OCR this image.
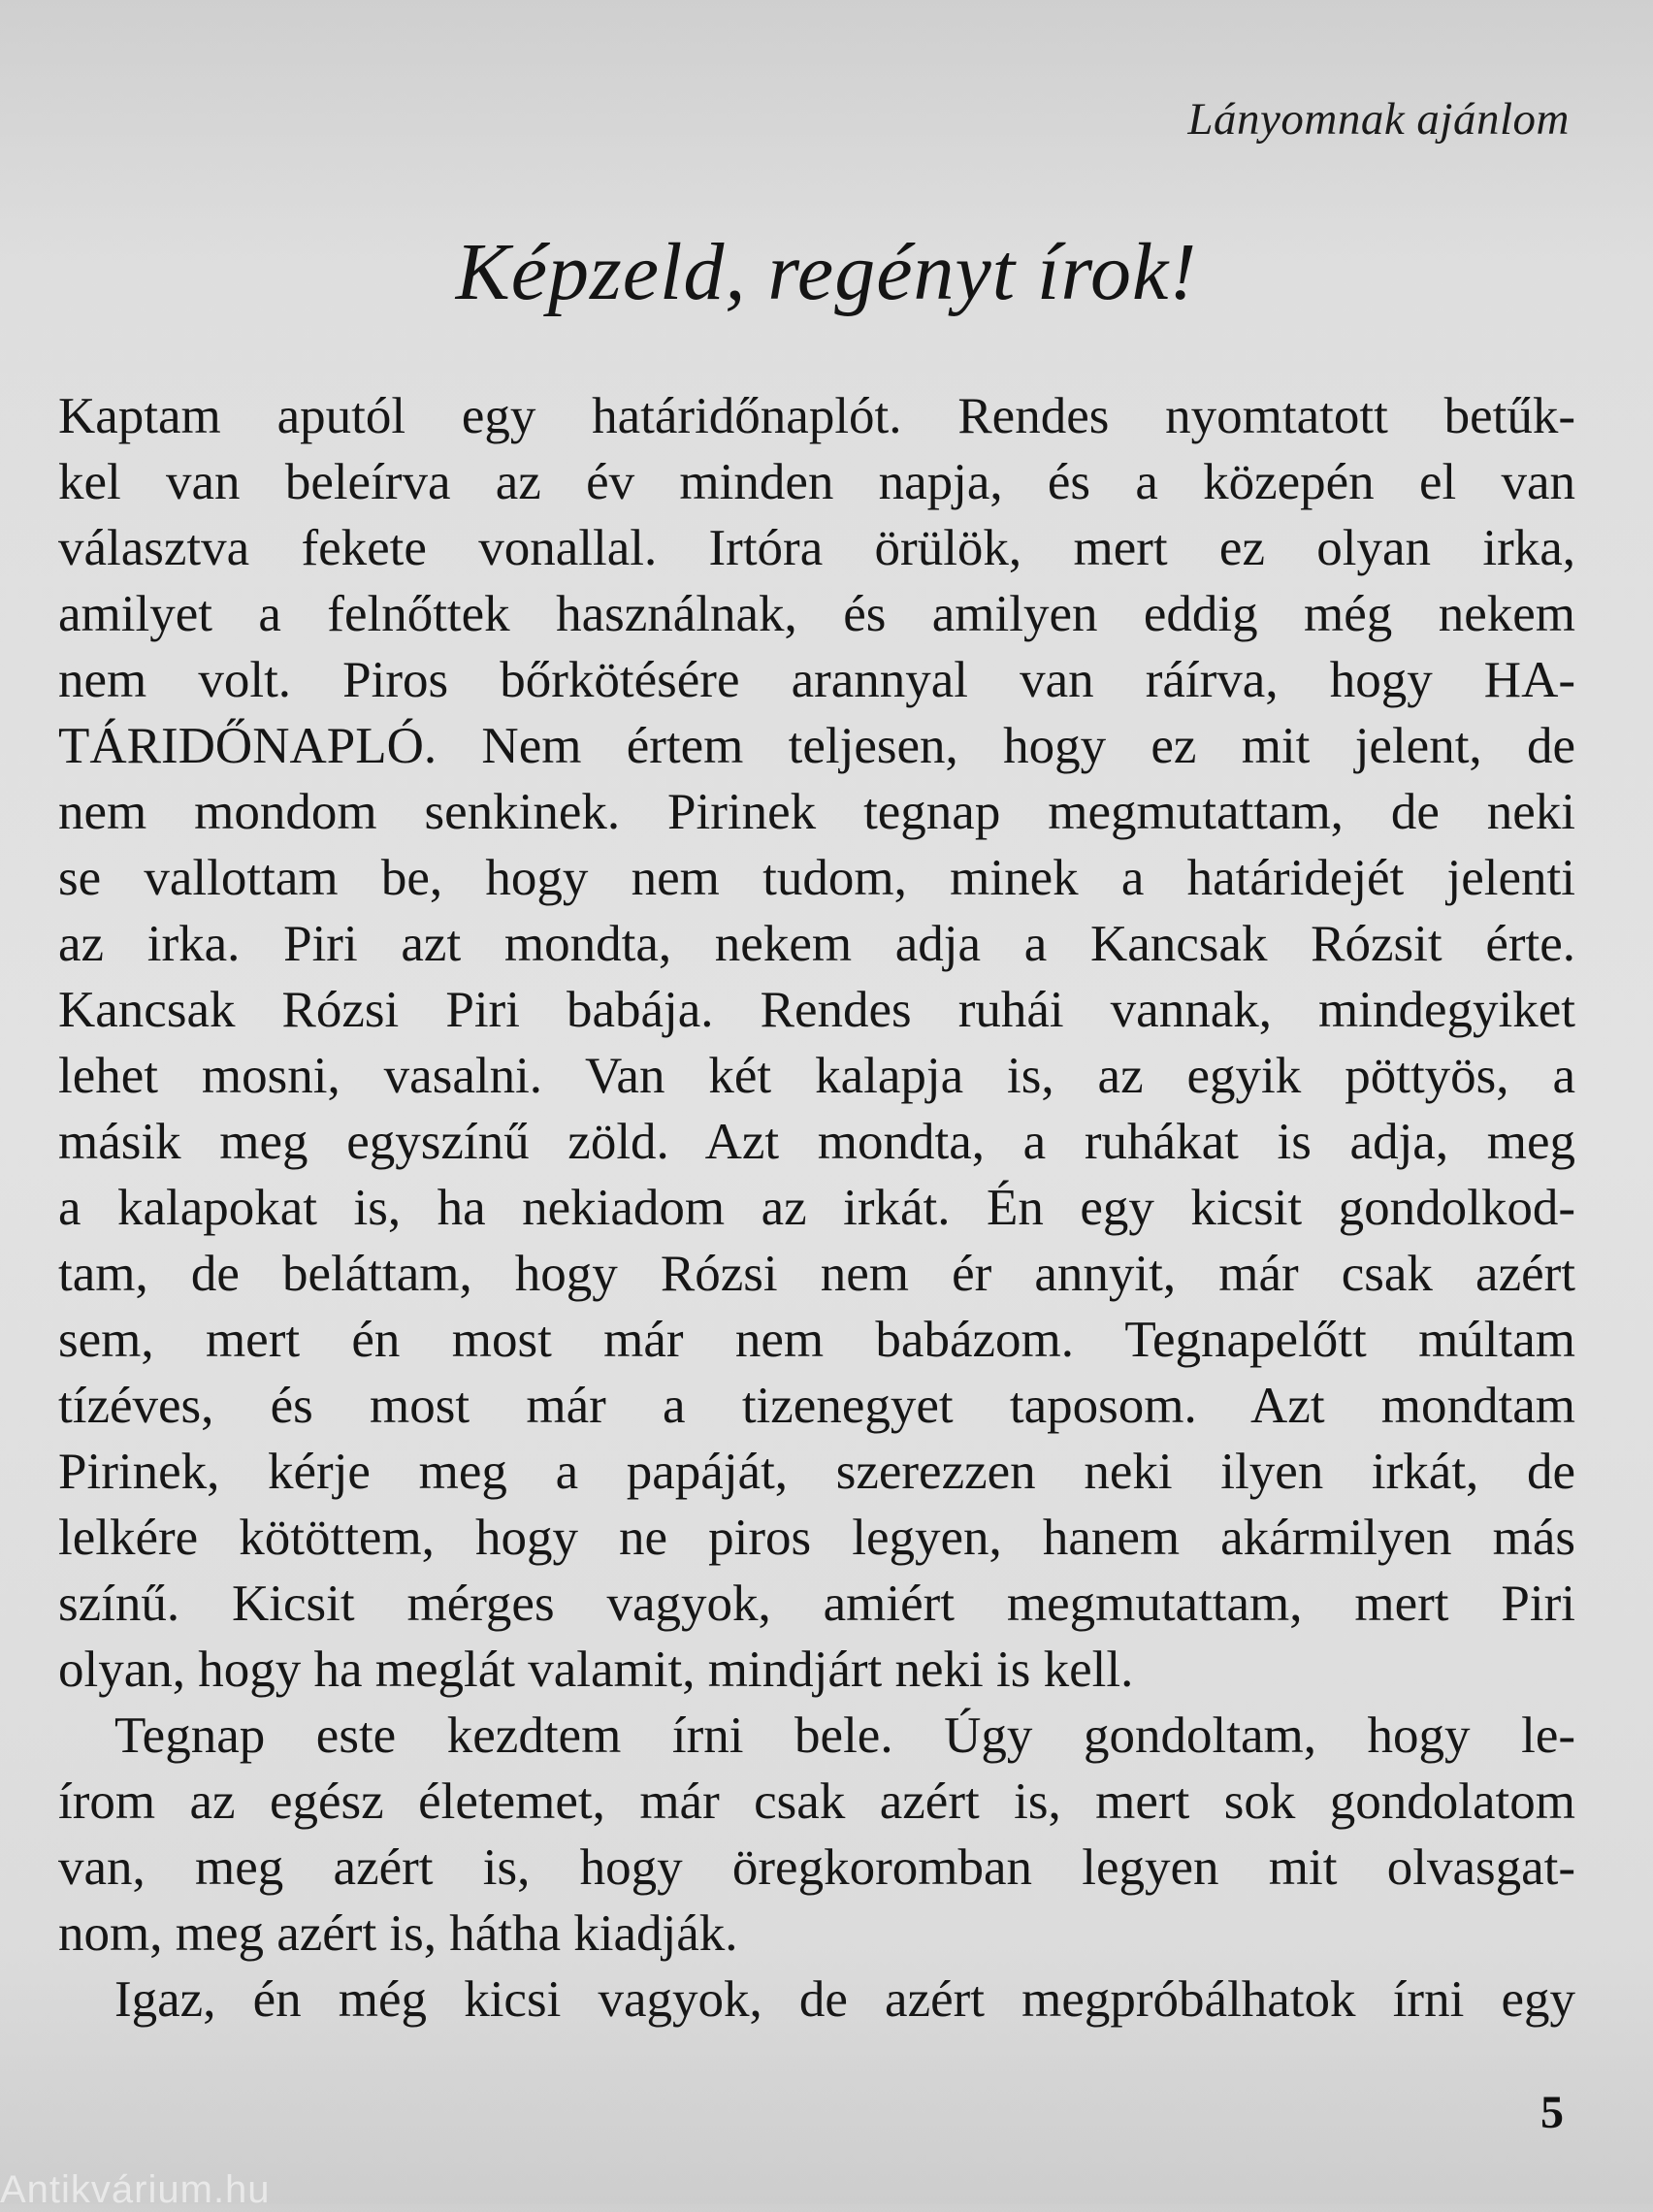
Lányomnak ajánlom
Képzeld, regényt írok!

Kaptam aputól egy határidőnaplót. Rendes nyomtatott betűk-

kel van beleírva az év minden napja, és a közepén el van

választva fekete vonallal. Irtóra örülök, mert ez olyan irka,

amilyet a felnőttek használnak, és amilyen eddig még nekem

nem volt. Piros bőrkötésére arannyal van ráírva, hogy HA-

TÁRIDŐNAPLÓ. Nem értem teljesen, hogy ez mit jelent, de

nem mondom senkinek. Pirinek tegnap megmutattam, de neki

se vallottam be, hogy nem tudom, minek a határidejét jelenti

az irka. Piri azt mondta, nekem adja a Kancsak Rózsit érte.

Kancsak Rózsi Piri babája. Rendes ruhái vannak, mindegyiket

lehet mosni, vasalni. Van két kalapja is, az egyik pöttyös, a

másik meg egyszínű zöld. Azt mondta, a ruhákat is adja, meg

a kalapokat is, ha nekiadom az irkát. Én egy kicsit gondolkod-

tam, de beláttam, hogy Rózsi nem ér annyit, már csak azért

sem, mert én most már nem babázom. Tegnapelőtt múltam

tízéves, és most már a tizenegyet taposom. Azt mondtam

Pirinek, kérje meg a papáját, szerezzen neki ilyen irkát, de

lelkére kötöttem, hogy ne piros legyen, hanem akármilyen más

színű. Kicsit mérges vagyok, amiért megmutattam, mert Piri

olyan, hogy ha meglát valamit, mindjárt neki is kell.

Tegnap este kezdtem írni bele. Úgy gondoltam, hogy le-

írom az egész életemet, már csak azért is, mert sok gondolatom

van, meg azért is, hogy öregkoromban legyen mit olvasgat-

nom, meg azért is, hátha kiadják.

Igaz, én még kicsi vagyok, de azért megpróbálhatok írni egy

5
Antikvárium.hu
